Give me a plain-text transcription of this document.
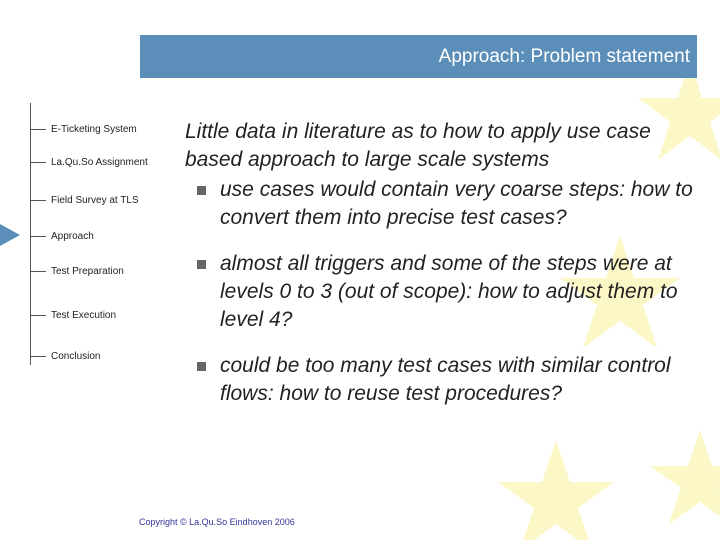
Approach: Problem statement
E-Ticketing System
La.Qu.So Assignment
Field Survey at TLS
Approach
Test Preparation
Test Execution
Conclusion

Little data in literature as to how to apply use case based approach to large scale systems

use cases would contain very coarse steps: how to convert them into precise test cases?
almost all triggers and some of the steps were at levels 0 to 3 (out of scope): how to adjust them to level 4?
could be too many test cases with similar control flows: how to reuse test procedures?
Copyright © La.Qu.So Eindhoven 2006
